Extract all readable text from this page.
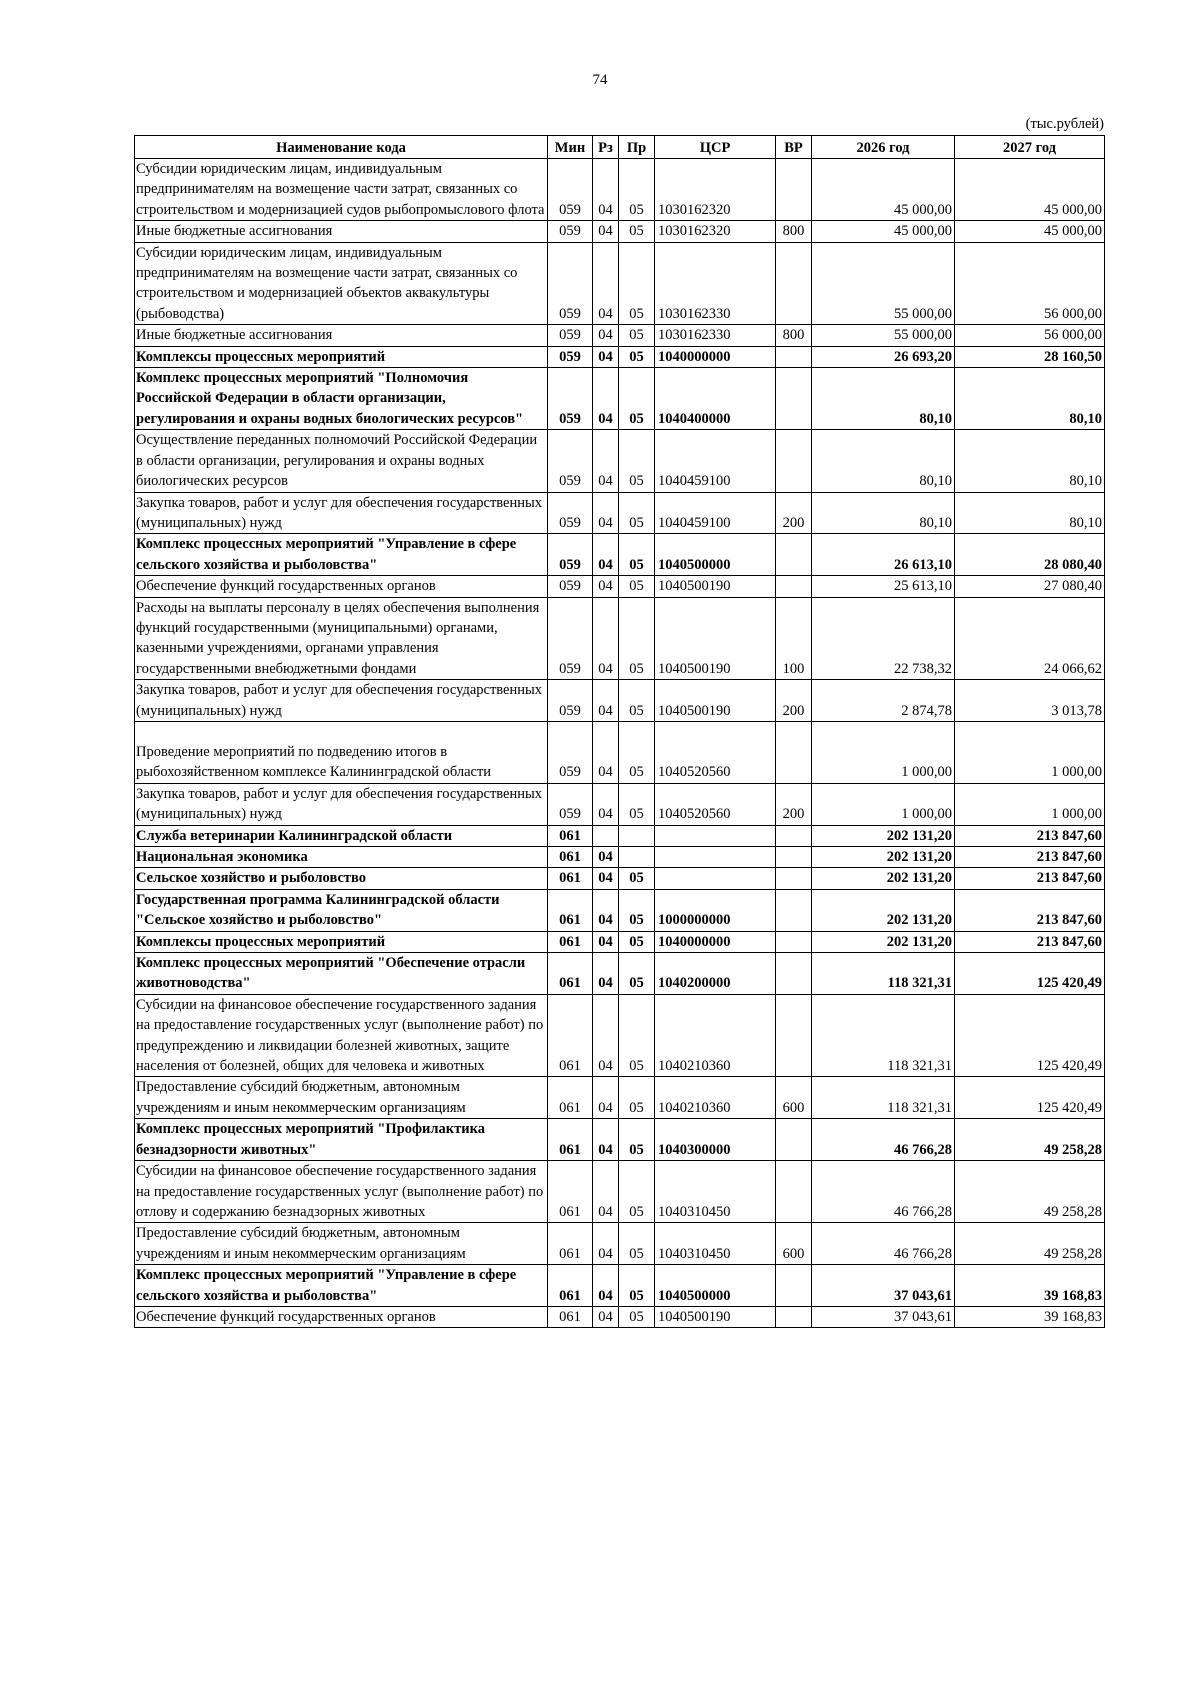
74
(тыс.рублей)
Наименование кода	Мин	Рз	Пр	ЦСР	ВР	2026 год	2027 год
Субсидии юридическим лицам, индивидуальным предпринимателям на возмещение части затрат, связанных со строительством и модернизацией судов рыбопромыслового флота	059	04	05	1030162320		45 000,00	45 000,00
Иные бюджетные ассигнования	059	04	05	1030162320	800	45 000,00	45 000,00
Субсидии юридическим лицам, индивидуальным предпринимателям на возмещение части затрат, связанных со строительством и модернизацией объектов аквакультуры (рыбоводства)	059	04	05	1030162330		55 000,00	56 000,00
Иные бюджетные ассигнования	059	04	05	1030162330	800	55 000,00	56 000,00
Комплексы процессных мероприятий	059	04	05	1040000000		26 693,20	28 160,50
Комплекс процессных мероприятий "Полномочия Российской Федерации в области организации, регулирования и охраны водных биологических ресурсов"	059	04	05	1040400000		80,10	80,10
Осуществление переданных полномочий Российской Федерации в области организации, регулирования и охраны водных биологических ресурсов	059	04	05	1040459100		80,10	80,10
Закупка товаров, работ и услуг для обеспечения государственных (муниципальных) нужд	059	04	05	1040459100	200	80,10	80,10
Комплекс процессных мероприятий "Управление в сфере сельского хозяйства и рыболовства"	059	04	05	1040500000		26 613,10	28 080,40
Обеспечение функций государственных органов	059	04	05	1040500190		25 613,10	27 080,40
Расходы на выплаты персоналу в целях обеспечения выполнения функций государственными (муниципальными) органами, казенными учреждениями, органами управления государственными внебюджетными фондами	059	04	05	1040500190	100	22 738,32	24 066,62
Закупка товаров, работ и услуг для обеспечения государственных (муниципальных) нужд	059	04	05	1040500190	200	2 874,78	3 013,78
Проведение мероприятий по подведению итогов в рыбохозяйственном комплексе Калининградской области	059	04	05	1040520560		1 000,00	1 000,00
Закупка товаров, работ и услуг для обеспечения государственных (муниципальных) нужд	059	04	05	1040520560	200	1 000,00	1 000,00
Служба ветеринарии Калининградской области	061					202 131,20	213 847,60
Национальная экономика	061	04				202 131,20	213 847,60
Сельское хозяйство и рыболовство	061	04	05			202 131,20	213 847,60
Государственная программа Калининградской области "Сельское хозяйство и рыболовство"	061	04	05	1000000000		202 131,20	213 847,60
Комплексы процессных мероприятий	061	04	05	1040000000		202 131,20	213 847,60
Комплекс процессных мероприятий "Обеспечение отрасли животноводства"	061	04	05	1040200000		118 321,31	125 420,49
Субсидии на финансовое обеспечение государственного задания на предоставление государственных услуг (выполнение работ) по предупреждению и ликвидации болезней животных, защите населения от болезней, общих для человека и животных	061	04	05	1040210360		118 321,31	125 420,49
Предоставление субсидий бюджетным, автономным учреждениям и иным некоммерческим организациям	061	04	05	1040210360	600	118 321,31	125 420,49
Комплекс процессных мероприятий "Профилактика безнадзорности животных"	061	04	05	1040300000		46 766,28	49 258,28
Субсидии на финансовое обеспечение государственного задания на предоставление государственных услуг (выполнение работ) по отлову и содержанию безнадзорных животных	061	04	05	1040310450		46 766,28	49 258,28
Предоставление субсидий бюджетным, автономным учреждениям и иным некоммерческим организациям	061	04	05	1040310450	600	46 766,28	49 258,28
Комплекс процессных мероприятий "Управление в сфере сельского хозяйства и рыболовства"	061	04	05	1040500000		37 043,61	39 168,83
Обеспечение функций государственных органов	061	04	05	1040500190		37 043,61	39 168,83
